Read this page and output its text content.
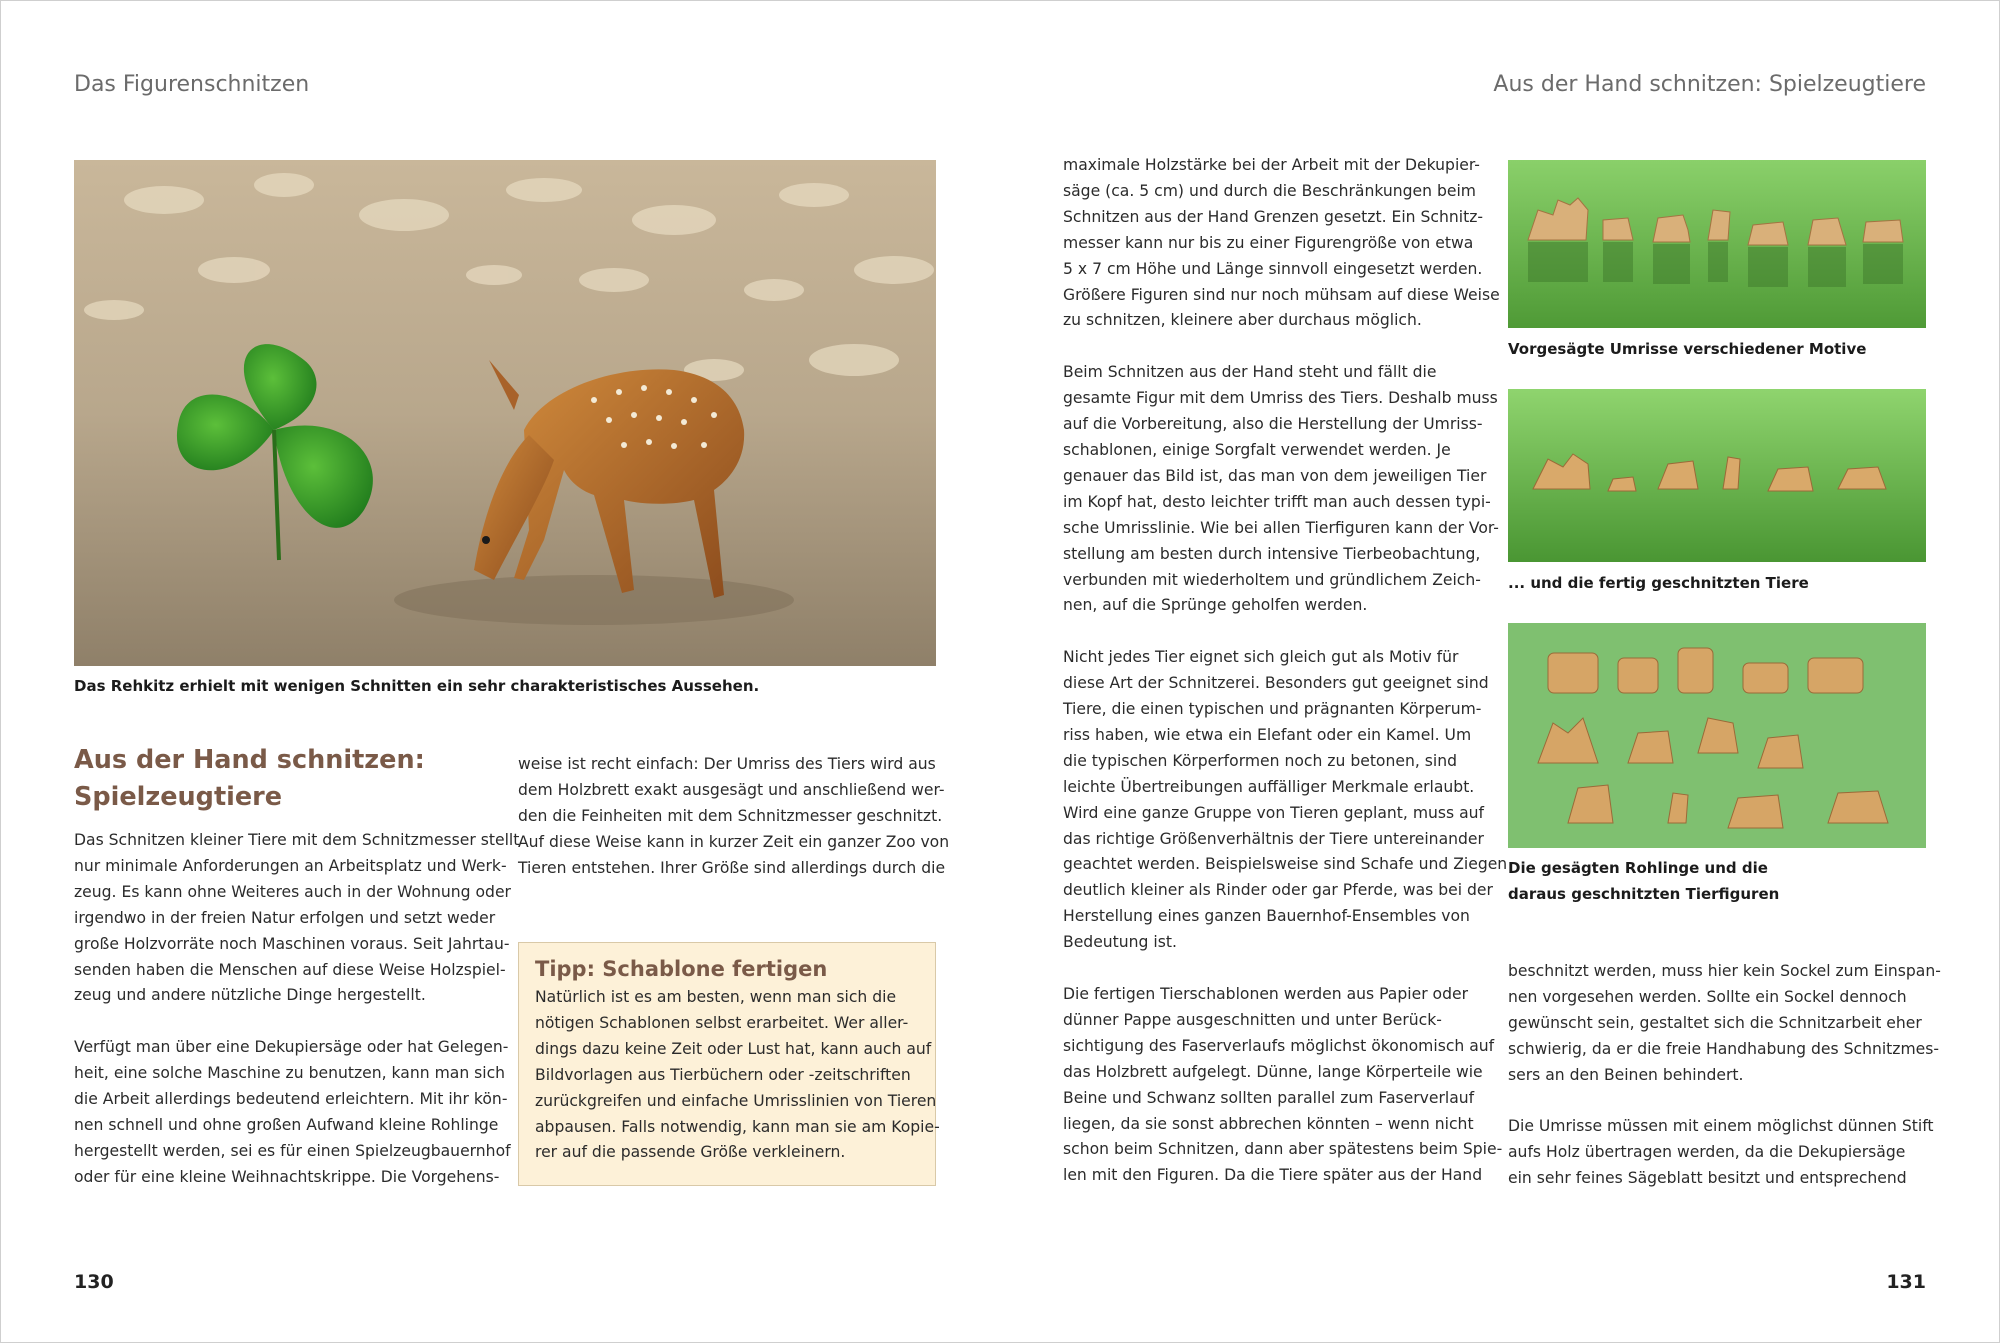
Das Figurenschnitzen	Aus der Hand schnitzen: Spielzeugtiere
Das Rehkitz erhielt mit wenigen Schnitten ein sehr charakteristisches Aussehen.
Aus der Hand schnitzen:
Spielzeugtiere
Das Schnitzen kleiner Tiere mit dem Schnitzmesser stellt
nur minimale Anforderungen an Arbeitsplatz und Werk-
zeug. Es kann ohne Weiteres auch in der Wohnung oder
irgendwo in der freien Natur erfolgen und setzt weder
große Holzvorräte noch Maschinen voraus. Seit Jahrtau-
senden haben die Menschen auf diese Weise Holzspiel-
zeug und andere nützliche Dinge hergestellt.

Verfügt man über eine Dekupiersäge oder hat Gelegen-
heit, eine solche Maschine zu benutzen, kann man sich
die Arbeit allerdings bedeutend erleichtern. Mit ihr kön-
nen schnell und ohne großen Aufwand kleine Rohlinge
hergestellt werden, sei es für einen Spielzeugbauernhof
oder für eine kleine Weihnachtskrippe. Die Vorgehens-
weise ist recht einfach: Der Umriss des Tiers wird aus
dem Holzbrett exakt ausgesägt und anschließend wer-
den die Feinheiten mit dem Schnitzmesser geschnitzt.
Auf diese Weise kann in kurzer Zeit ein ganzer Zoo von
Tieren entstehen. Ihrer Größe sind allerdings durch die
Tipp: Schablone fertigen
Natürlich ist es am besten, wenn man sich die
nötigen Schablonen selbst erarbeitet. Wer aller-
dings dazu keine Zeit oder Lust hat, kann auch auf
Bildvorlagen aus Tierbüchern oder -zeitschriften
zurückgreifen und einfache Umrisslinien von Tieren
abpausen. Falls notwendig, kann man sie am Kopie-
rer auf die passende Größe verkleinern.
maximale Holzstärke bei der Arbeit mit der Dekupier-
säge (ca. 5 cm) und durch die Beschränkungen beim
Schnitzen aus der Hand Grenzen gesetzt. Ein Schnitz-
messer kann nur bis zu einer Figurengröße von etwa
5 x 7 cm Höhe und Länge sinnvoll eingesetzt werden.
Größere Figuren sind nur noch mühsam auf diese Weise
zu schnitzen, kleinere aber durchaus möglich.

Beim Schnitzen aus der Hand steht und fällt die
gesamte Figur mit dem Umriss des Tiers. Deshalb muss
auf die Vorbereitung, also die Herstellung der Umriss-
schablonen, einige Sorgfalt verwendet werden. Je
genauer das Bild ist, das man von dem jeweiligen Tier
im Kopf hat, desto leichter trifft man auch dessen typi-
sche Umrisslinie. Wie bei allen Tierfiguren kann der Vor-
stellung am besten durch intensive Tierbeobachtung,
verbunden mit wiederholtem und gründlichem Zeich-
nen, auf die Sprünge geholfen werden.

Nicht jedes Tier eignet sich gleich gut als Motiv für
diese Art der Schnitzerei. Besonders gut geeignet sind
Tiere, die einen typischen und prägnanten Körperum-
riss haben, wie etwa ein Elefant oder ein Kamel. Um
die typischen Körperformen noch zu betonen, sind
leichte Übertreibungen auffälliger Merkmale erlaubt.
Wird eine ganze Gruppe von Tieren geplant, muss auf
das richtige Größenverhältnis der Tiere untereinander
geachtet werden. Beispielsweise sind Schafe und Ziegen
deutlich kleiner als Rinder oder gar Pferde, was bei der
Herstellung eines ganzen Bauernhof-Ensembles von
Bedeutung ist.

Die fertigen Tierschablonen werden aus Papier oder
dünner Pappe ausgeschnitten und unter Berück-
sichtigung des Faserverlaufs möglichst ökonomisch auf
das Holzbrett aufgelegt. Dünne, lange Körperteile wie
Beine und Schwanz sollten parallel zum Faserverlauf
liegen, da sie sonst abbrechen könnten – wenn nicht
schon beim Schnitzen, dann aber spätestens beim Spie-
len mit den Figuren. Da die Tiere später aus der Hand
Vorgesägte Umrisse verschiedener Motive
... und die fertig geschnitzten Tiere
Die gesägten Rohlinge und die
daraus geschnitzten Tierfiguren
beschnitzt werden, muss hier kein Sockel zum Einspan-
nen vorgesehen werden. Sollte ein Sockel dennoch
gewünscht sein, gestaltet sich die Schnitzarbeit eher
schwierig, da er die freie Handhabung des Schnitzmes-
sers an den Beinen behindert.

Die Umrisse müssen mit einem möglichst dünnen Stift
aufs Holz übertragen werden, da die Dekupiersäge
ein sehr feines Sägeblatt besitzt und entsprechend
130	131
